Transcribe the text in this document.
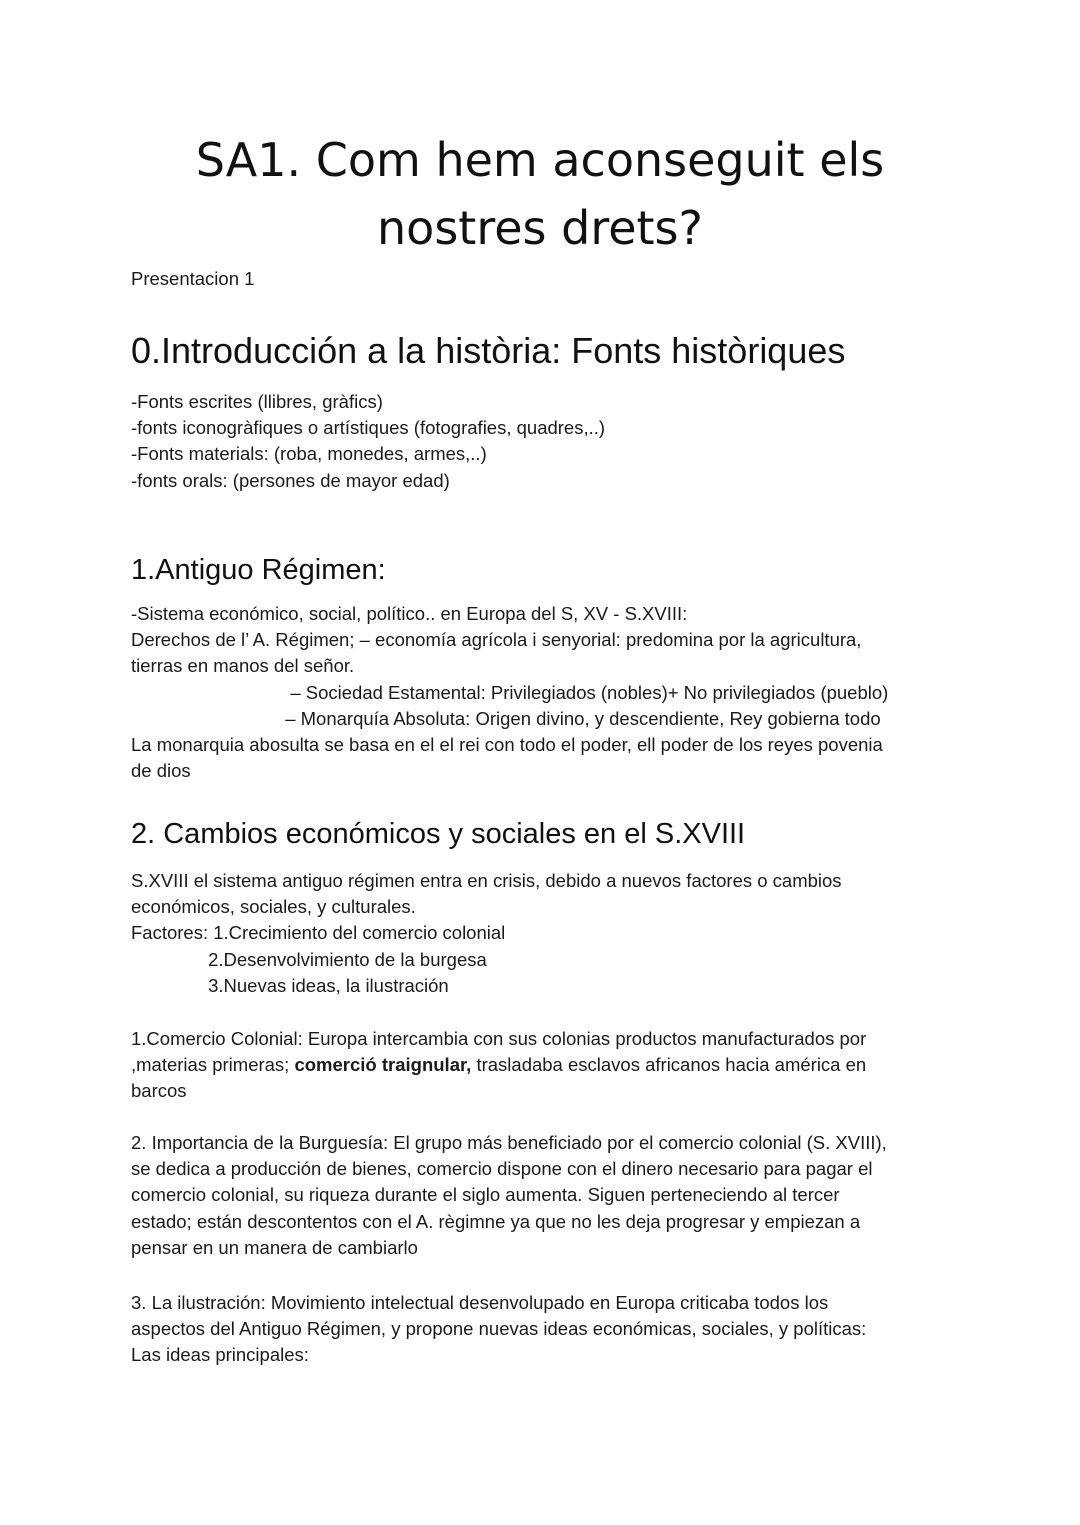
SA1. Com hem aconseguit els
nostres drets?
Presentacion 1
0.Introducción a la història: Fonts històriques
-Fonts escrites (llibres, gràfics)
-fonts iconogràfiques o artístiques (fotografies, quadres,..)
-Fonts materials: (roba, monedes, armes,..)
-fonts orals: (persones de mayor edad)
1.Antiguo Régimen:
-Sistema económico, social, político.. en Europa del S, XV - S.XVIII:
Derechos de l’ A. Régimen; – economía agrícola i senyorial: predomina por la agricultura,
tierras en manos del señor.
– Sociedad Estamental: Privilegiados (nobles)+ No privilegiados (pueblo)
– Monarquía Absoluta: Origen divino, y descendiente, Rey gobierna todo
La monarquia abosulta se basa en el el rei con todo el poder, ell poder de los reyes povenia
de dios
2. Cambios económicos y sociales en el S.XVIII
S.XVIII el sistema antiguo régimen entra en crisis, debido a nuevos factores o cambios
económicos, sociales, y culturales.
Factores: 1.Crecimiento del comercio colonial
2.Desenvolvimiento de la burgesa
3.Nuevas ideas, la ilustración
1.Comercio Colonial: Europa intercambia con sus colonias productos manufacturados por
,materias primeras; comerció traignular, trasladaba esclavos africanos hacia américa en
barcos
2. Importancia de la Burguesía: El grupo más beneficiado por el comercio colonial (S. XVIII),
se dedica a producción de bienes, comercio dispone con el dinero necesario para pagar el
comercio colonial, su riqueza durante el siglo aumenta. Siguen perteneciendo al tercer
estado; están descontentos con el A. règimne ya que no les deja progresar y empiezan a
pensar en un manera de cambiarlo
3. La ilustración: Movimiento intelectual desenvolupado en Europa criticaba todos los
aspectos del Antiguo Régimen, y propone nuevas ideas económicas, sociales, y políticas:
Las ideas principales:
